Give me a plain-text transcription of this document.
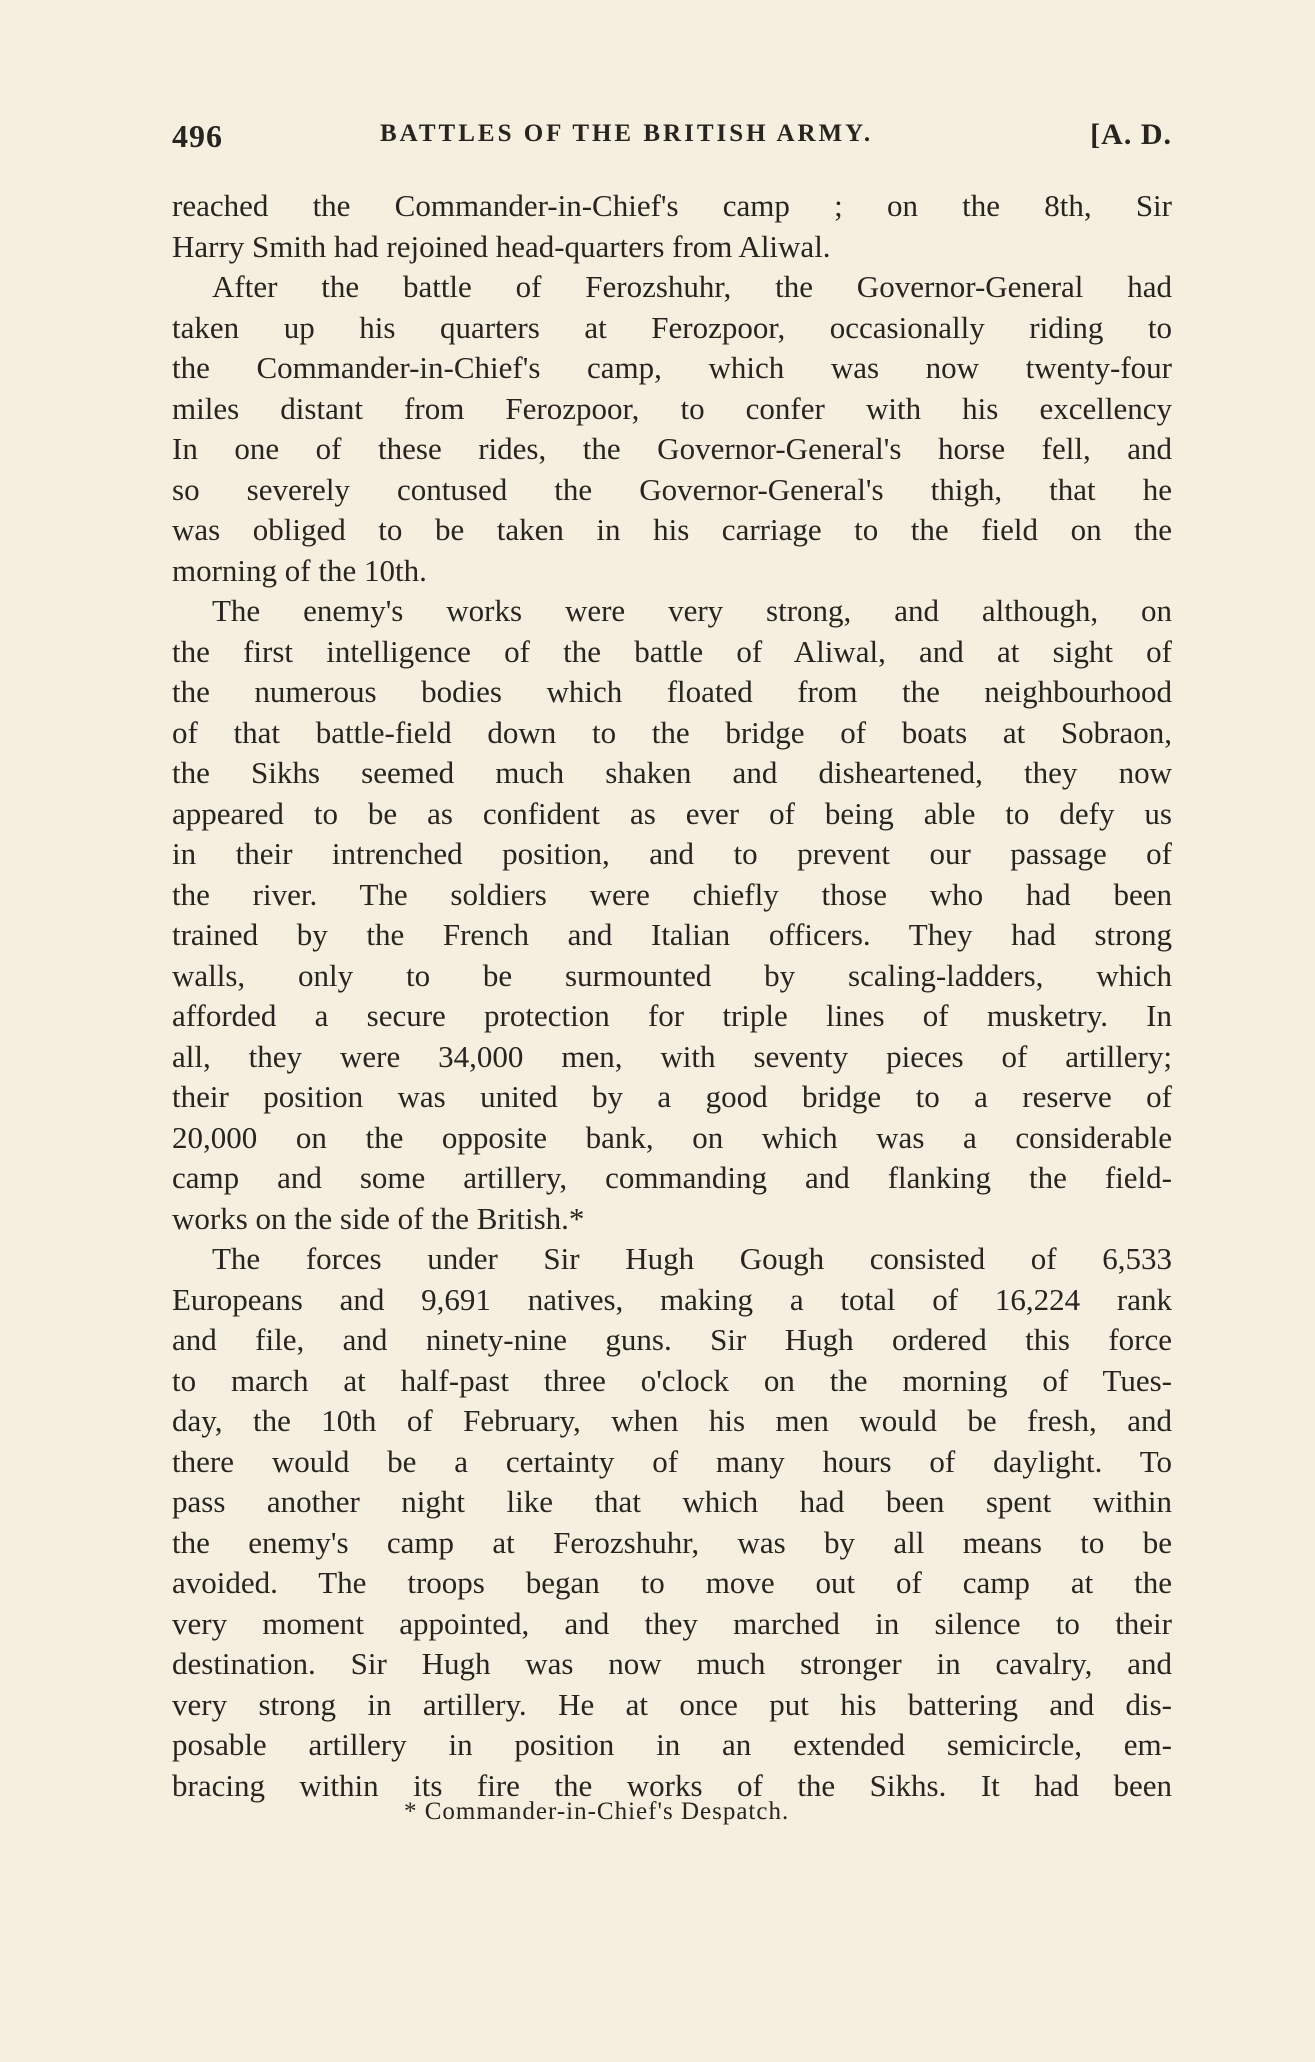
496	BATTLES OF THE BRITISH ARMY.	[A. D.
reached the Commander-in-Chief's camp ; on the 8th, Sir
Harry Smith had rejoined head-quarters from Aliwal.
After the battle of Ferozshuhr, the Governor-General had
taken up his quarters at Ferozpoor, occasionally riding to
the Commander-in-Chief's camp, which was now twenty-four
miles distant from Ferozpoor, to confer with his excellency
In one of these rides, the Governor-General's horse fell, and
so severely contused the Governor-General's thigh, that he
was obliged to be taken in his carriage to the field on the
morning of the 10th.
The enemy's works were very strong, and although, on
the first intelligence of the battle of Aliwal, and at sight of
the numerous bodies which floated from the neighbourhood
of that battle-field down to the bridge of boats at Sobraon,
the Sikhs seemed much shaken and disheartened, they now
appeared to be as confident as ever of being able to defy us
in their intrenched position, and to prevent our passage of
the river. The soldiers were chiefly those who had been
trained by the French and Italian officers. They had strong
walls, only to be surmounted by scaling-ladders, which
afforded a secure protection for triple lines of musketry. In
all, they were 34,000 men, with seventy pieces of artillery;
their position was united by a good bridge to a reserve of
20,000 on the opposite bank, on which was a considerable
camp and some artillery, commanding and flanking the field-
works on the side of the British.*
The forces under Sir Hugh Gough consisted of 6,533
Europeans and 9,691 natives, making a total of 16,224 rank
and file, and ninety-nine guns. Sir Hugh ordered this force
to march at half-past three o'clock on the morning of Tues-
day, the 10th of February, when his men would be fresh, and
there would be a certainty of many hours of daylight. To
pass another night like that which had been spent within
the enemy's camp at Ferozshuhr, was by all means to be
avoided. The troops began to move out of camp at the
very moment appointed, and they marched in silence to their
destination. Sir Hugh was now much stronger in cavalry, and
very strong in artillery. He at once put his battering and dis-
posable artillery in position in an extended semicircle, em-
bracing within its fire the works of the Sikhs. It had been
* Commander-in-Chief's Despatch.
